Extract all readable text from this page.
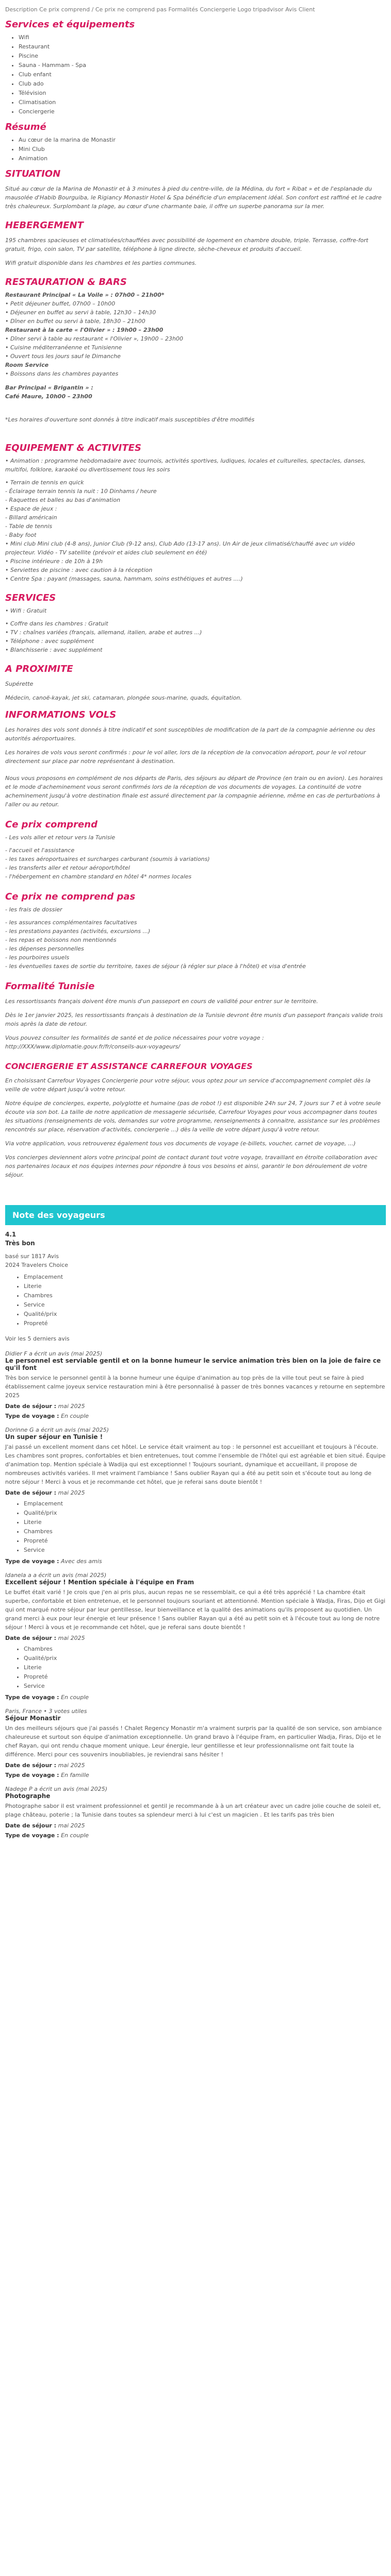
Description Ce prix comprend / Ce prix ne comprend pas Formalités Conciergerie Logo tripadvisor Avis Client
Services et équipements
• Wifi
• Restaurant
• Piscine
• Sauna - Hammam - Spa
• Club enfant
• Club ado
• Télévision
• Climatisation
• Conciergerie
Résumé
• Au cœur de la marina de Monastir
• Mini Club
• Animation
SITUATION
Situé au cœur de la Marina de Monastir et à 3 minutes à pied du centre-ville, de la Médina, du fort « Ribat » et de l'esplanade du mausolée d'Habib Bourguiba, le Rigiancy Monastir Hotel & Spa bénéficie d'un emplacement idéal. Son confort est raffiné et le cadre très chaleureux. Surplombant la plage, au cœur d'une charmante baie, il offre un superbe panorama sur la mer.
HEBERGEMENT
195 chambres spacieuses et climatisées/chauffées avec possibilité de logement en chambre double, triple. Terrasse, coffre-fort gratuit, frigo, coin salon, TV par satellite, téléphone à ligne directe, sèche-cheveux et produits d'accueil.
Wifi gratuit disponible dans les chambres et les parties communes.
RESTAURATION & BARS
Restaurant Principal « La Voile » : 07h00 – 21h00*
• Petit déjeuner buffet, 07h00 – 10h00
• Déjeuner en buffet au servi à table, 12h30 – 14h30
• Dîner en buffet ou servi à table, 18h30 – 21h00
Restaurant à la carte « l'Olivier » : 19h00 – 23h00
• Dîner servi à table au restaurant « l'Olivier », 19h00 – 23h00
• Cuisine méditerranéenne et Tunisienne
• Ouvert tous les jours sauf le Dimanche
Room Service
• Boissons dans les chambres payantes
Bar Principal « Brigantin » :
Café Maure, 10h00 – 23h00
*Les horaires d'ouverture sont donnés à titre indicatif mais susceptibles d'être modifiés
EQUIPEMENT & ACTIVITES
• Animation : programme hebdomadaire avec tournois, activités sportives, ludiques, locales et culturelles, spectacles, danses, multifoi, folklore, karaoké ou divertissement tous les soirs
• Terrain de tennis en quick
- Éclairage terrain tennis la nuit : 10 Dinhams / heure
- Raquettes et balles au bas d'animation
• Espace de jeux :
- Billard américain
- Table de tennis
- Baby foot
• Mini club Mini club (4-8 ans), Junior Club (9-12 ans), Club Ado (13-17 ans). Un Air de jeux climatisé/chauffé avec un vidéo projecteur. Vidéo - TV satellite (prévoir et aides club seulement en été)
• Piscine intérieure : de 10h à 19h
• Serviettes de piscine : avec caution à la réception
• Centre Spa : payant (massages, sauna, hammam, soins esthétiques et autres ....)
SERVICES
• Wifi : Gratuit
• Coffre dans les chambres : Gratuit
• TV : chaînes variées (français, allemand, italien, arabe et autres ...)
• Téléphone : avec supplément
• Blanchisserie : avec supplément
A PROXIMITE
Supérette
Médecin, canoë-kayak, jet ski, catamaran, plongée sous-marine, quads, équitation.
INFORMATIONS VOLS
Les horaires des vols sont donnés à titre indicatif et sont susceptibles de modification de la part de la compagnie aérienne ou des autorités aéroportuaires.
Les horaires de vols vous seront confirmés : pour le vol aller, lors de la réception de la convocation aéroport, pour le vol retour directement sur place par notre représentant à destination.
Nous vous proposons en complément de nos départs de Paris, des séjours au départ de Province (en train ou en avion). Les horaires et le mode d'acheminement vous seront confirmés lors de la réception de vos documents de voyages. La continuité de votre acheminement jusqu'à votre destination finale est assuré directement par la compagnie aérienne, même en cas de perturbations à l'aller ou au retour.
Ce prix comprend
- Les vols aller et retour vers la Tunisie
- l'accueil et l'assistance
- les taxes aéroportuaires et surcharges carburant (soumis à variations)
- les transferts aller et retour aéroport/hôtel
- l'hébergement en chambre standard en hôtel 4* normes locales
Ce prix ne comprend pas
- les frais de dossier
- les assurances complémentaires facultatives
- les prestations payantes (activités, excursions ...)
- les repas et boissons non mentionnés
- les dépenses personnelles
- les pourboires usuels
- les éventuelles taxes de sortie du territoire, taxes de séjour (à régler sur place à l'hôtel) et visa d'entrée
Formalité Tunisie
Les ressortissants français doivent être munis d'un passeport en cours de validité pour entrer sur le territoire.
Dès le 1er janvier 2025, les ressortissants français à destination de la Tunisie devront être munis d'un passeport français valide trois mois après la date de retour.
Vous pouvez consulter les formalités de santé et de police nécessaires pour votre voyage : http://XXX/www.diplomatie.gouv.fr/fr/conseils-aux-voyageurs/
CONCIERGERIE ET ASSISTANCE CARREFOUR VOYAGES
En choisissant Carrefour Voyages Conciergerie pour votre séjour, vous optez pour un service d'accompagnement complet dès la veille de votre départ jusqu'à votre retour.
Notre équipe de concierges, experte, polyglotte et humaine (pas de robot !) est disponible 24h sur 24, 7 jours sur 7 et à votre seule écoute via son bot. La taille de notre application de messagerie sécurisée, Carrefour Voyages pour vous accompagner dans toutes les situations (renseignements de vols, demandes sur votre programme, renseignements à connaitre, assistance sur les problèmes rencontrés sur place, réservation d'activités, conciergerie ...) dès la veille de votre départ jusqu'à votre retour.
Via votre application, vous retrouverez également tous vos documents de voyage (e-billets, voucher, carnet de voyage, ...)
Vos concierges deviennent alors votre principal point de contact durant tout votre voyage, travaillant en étroite collaboration avec nos partenaires locaux et nos équipes internes pour répondre à tous vos besoins et ainsi, garantir le bon déroulement de votre séjour.
Note des voyageurs
4.1
Très bon
basé sur 1817 Avis
2024 Travelers Choice
• Emplacement
• Literie
• Chambres
• Service
• Qualité/prix
• Propreté
Voir les 5 derniers avis
Didier F a écrit un avis (mai 2025)
Le personnel est serviable gentil et on la bonne humeur le service animation très bien on la joie de faire ce qu'il font
Très bon service le personnel gentil à la bonne humeur une équipe d'animation au top près de la ville tout peut se faire à pied établissement calme joyeux service restauration mini à être personnalisé à passer de très bonnes vacances y retourne en septembre 2025
Date de séjour : mai 2025
Type de voyage : En couple
Dorinne G a écrit un avis (mai 2025)
Un super séjour en Tunisie !
J'ai passé un excellent moment dans cet hôtel. Le service était vraiment au top : le personnel est accueillant et toujours à l'écoute. Les chambres sont propres, confortables et bien entretenues, tout comme l'ensemble de l'hôtel qui est agréable et bien situé. Équipe d'animation top. Mention spéciale à Wadija qui est exceptionnel ! Toujours souriant, dynamique et accueillant, il propose de nombreuses activités variées. Il met vraiment l'ambiance ! Sans oublier Rayan qui a été au petit soin et s'écoute tout au long de notre séjour ! Merci à vous et je recommande cet hôtel, que je referai sans doute bientôt !
Date de séjour : mai 2025
• Emplacement
• Qualité/prix
• Literie
• Chambres
• Propreté
• Service
Type de voyage : Avec des amis
Idanela a a écrit un avis (mai 2025)
Excellent séjour ! Mention spéciale à l'équipe en Fram
Le buffet était varié ! Je crois que j'en ai pris plus, aucun repas ne se ressemblait, ce qui a été très apprécié ! La chambre était superbe, confortable et bien entretenue, et le personnel toujours souriant et attentionné. Mention spéciale à Wadja, Firas, Dijo et Gigi qui ont marqué notre séjour par leur gentillesse, leur bienveillance et la qualité des animations qu'ils proposent au quotidien. Un grand merci à eux pour leur énergie et leur présence ! Sans oublier Rayan qui a été au petit soin et à l'écoute tout au long de notre séjour ! Merci à vous et je recommande cet hôtel, que je referai sans doute bientôt !
Date de séjour : mai 2025
• Chambres
• Qualité/prix
• Literie
• Propreté
• Service
Type de voyage : En couple
Paris, France • 3 votes utiles
Séjour Monastir
Un des meilleurs séjours que j'ai passés ! Chalet Regency Monastir m'a vraiment surpris par la qualité de son service, son ambiance chaleureuse et surtout son équipe d'animation exceptionnelle. Un grand bravo à l'équipe Fram, en particulier Wadja, Firas, Dijo et le chef Rayan, qui ont rendu chaque moment unique. Leur énergie, leur gentillesse et leur professionnalisme ont fait toute la différence. Merci pour ces souvenirs inoubliables, je reviendrai sans hésiter !
Date de séjour : mai 2025
Type de voyage : En famille
Nadege P a écrit un avis (mai 2025)
Photographe
Photographe sabor il est vraiment professionnel et gentil je recommande à à un art créateur avec un cadre jolie couche de soleil et, plage château, poterie ; la Tunisie dans toutes sa splendeur merci à lui c'est un magicien . Et les tarifs pas très bien
Date de séjour : mai 2025
Type de voyage : En couple
